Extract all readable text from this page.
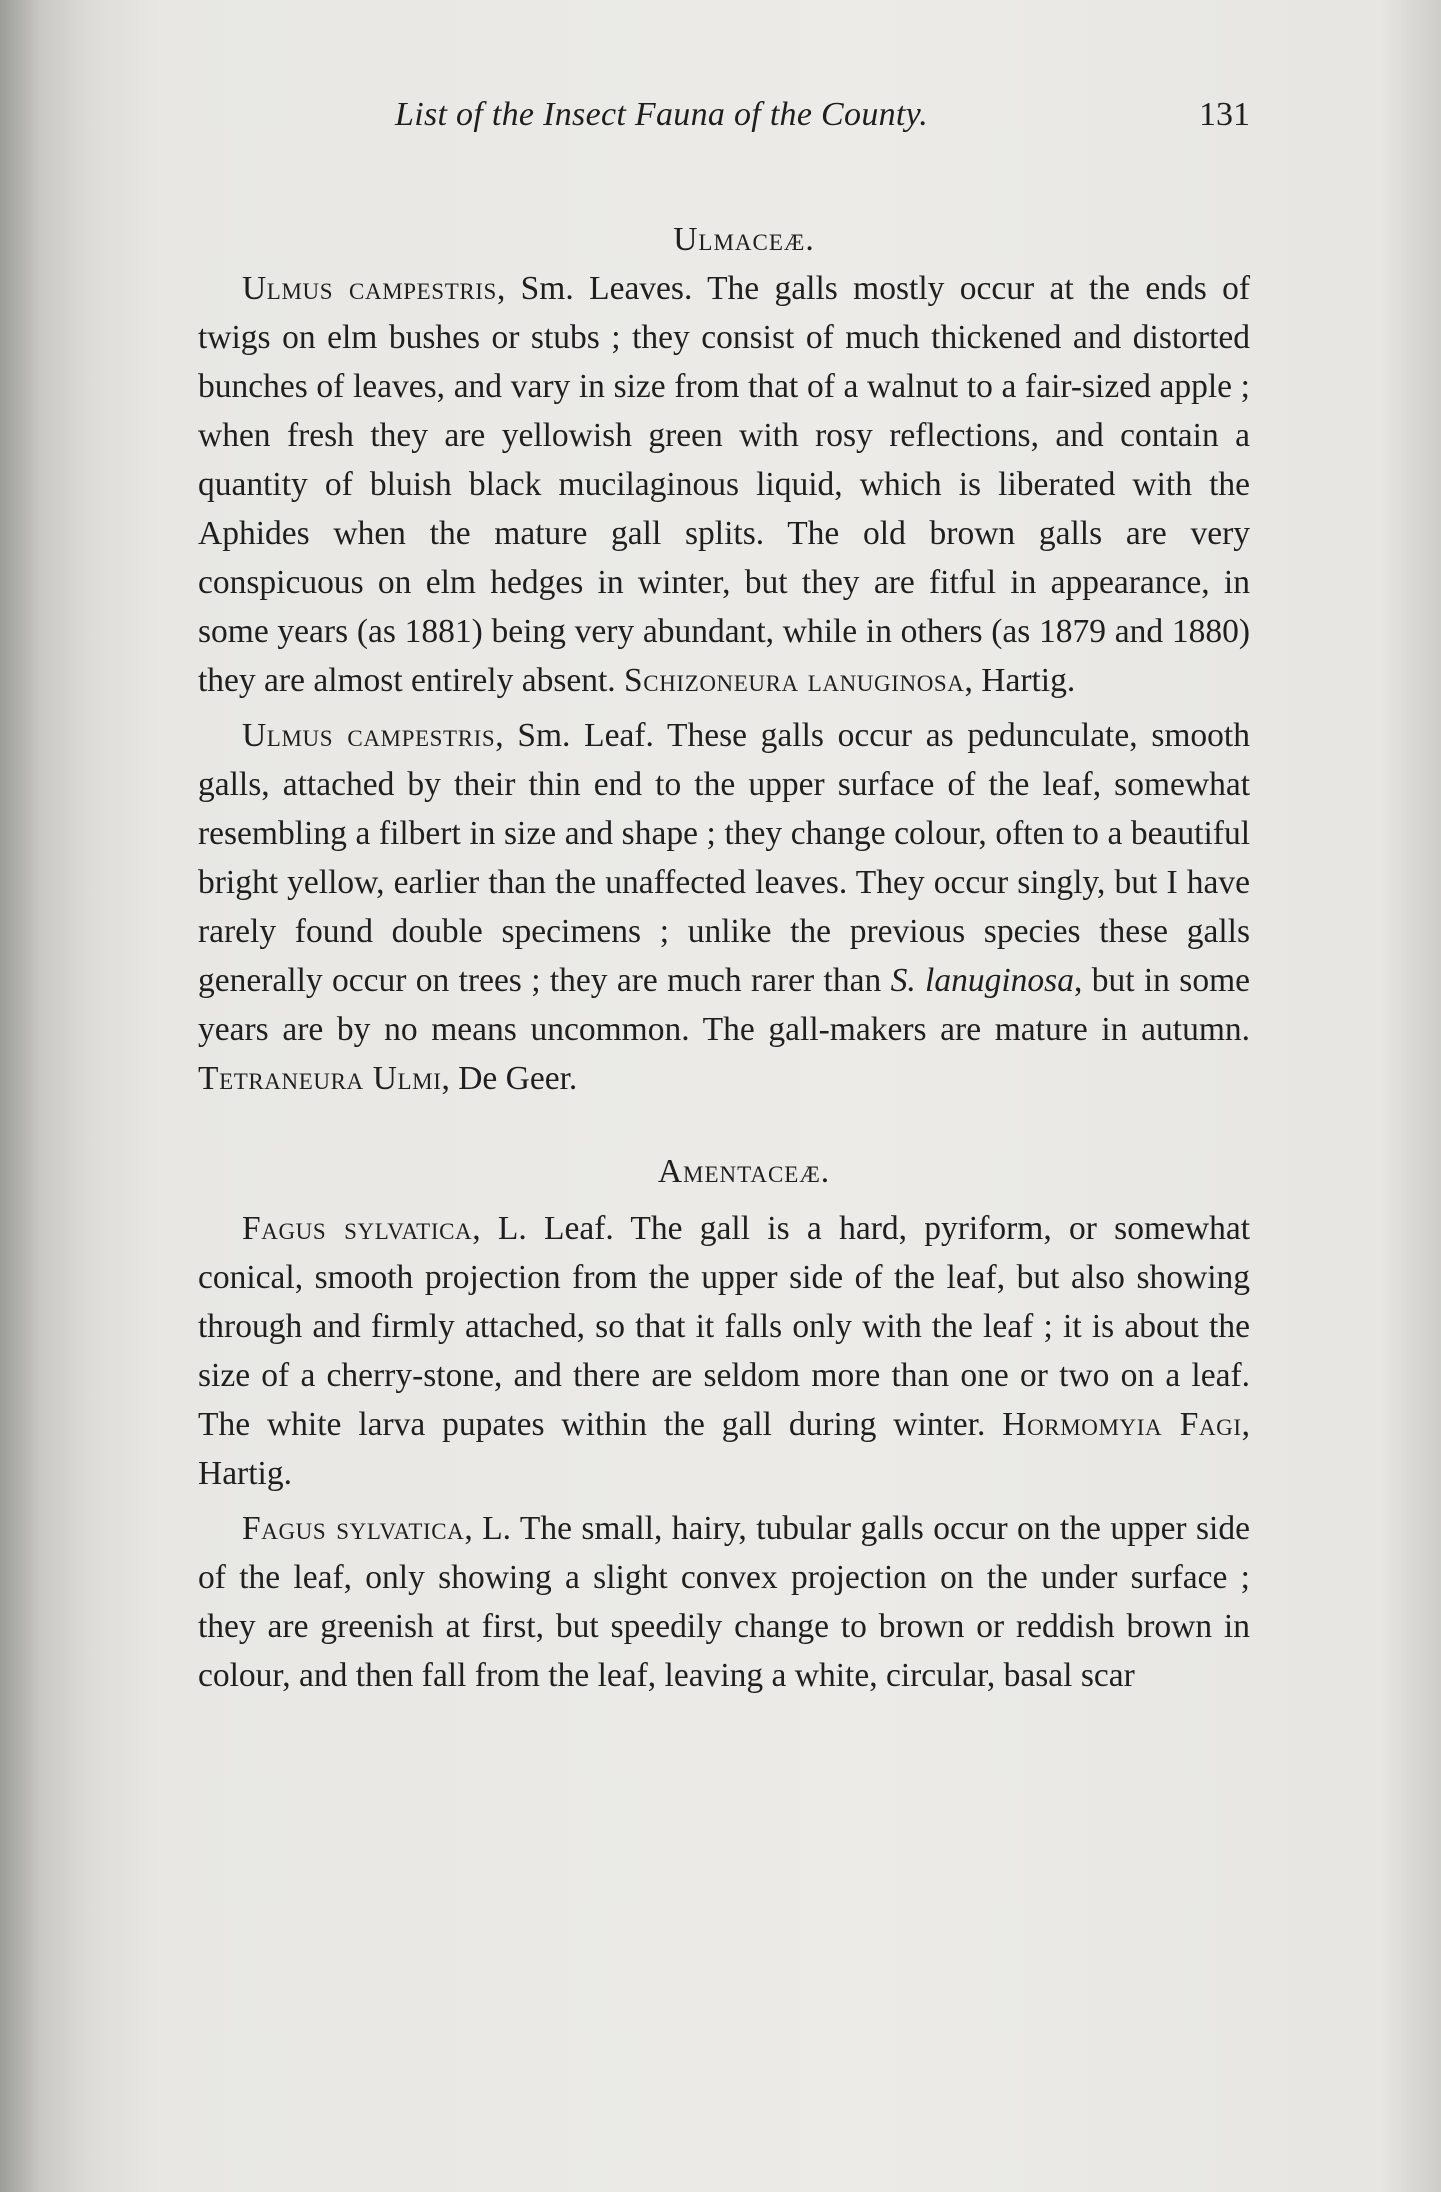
List of the Insect Fauna of the County.	131

Ulmaceæ.

Ulmus campestris, Sm. Leaves. The galls mostly occur at the ends of twigs on elm bushes or stubs ; they consist of much thickened and distorted bunches of leaves, and vary in size from that of a walnut to a fair-sized apple ; when fresh they are yellowish green with rosy reflections, and contain a quantity of bluish black mucilaginous liquid, which is liberated with the Aphides when the mature gall splits. The old brown galls are very conspicuous on elm hedges in winter, but they are fitful in appearance, in some years (as 1881) being very abundant, while in others (as 1879 and 1880) they are almost entirely absent. Schizoneura lanuginosa, Hartig.

Ulmus campestris, Sm. Leaf. These galls occur as pedunculate, smooth galls, attached by their thin end to the upper surface of the leaf, somewhat resembling a filbert in size and shape ; they change colour, often to a beautiful bright yellow, earlier than the unaffected leaves. They occur singly, but I have rarely found double specimens ; unlike the previous species these galls generally occur on trees ; they are much rarer than S. lanuginosa, but in some years are by no means uncommon. The gall-makers are mature in autumn. Tetraneura Ulmi, De Geer.

Amentaceæ.

Fagus sylvatica, L. Leaf. The gall is a hard, pyriform, or somewhat conical, smooth projection from the upper side of the leaf, but also showing through and firmly attached, so that it falls only with the leaf ; it is about the size of a cherry-stone, and there are seldom more than one or two on a leaf. The white larva pupates within the gall during winter. Hormomyia Fagi, Hartig.

Fagus sylvatica, L. The small, hairy, tubular galls occur on the upper side of the leaf, only showing a slight convex projection on the under surface ; they are greenish at first, but speedily change to brown or reddish brown in colour, and then fall from the leaf, leaving a white, circular, basal scar
